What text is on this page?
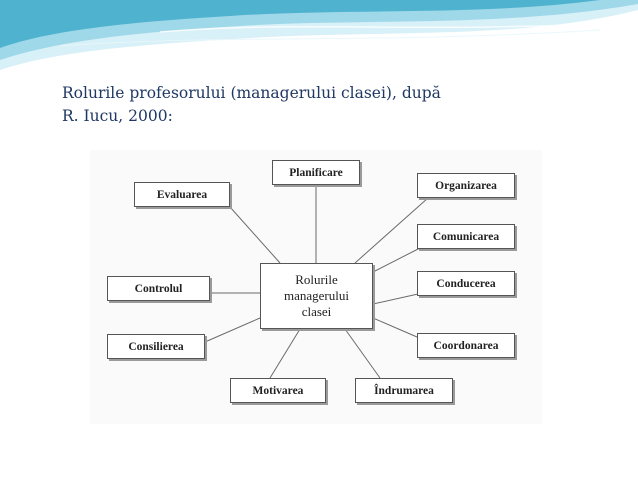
Rolurile profesorului (managerului clasei), după
R. Iucu, 2000:
Planificare
Evaluarea
Organizarea
Comunicarea
Controlul	Conducerea
Consilierea	Coordonarea
Motivarea	Îndrumarea
Rolurile
managerului
clasei
